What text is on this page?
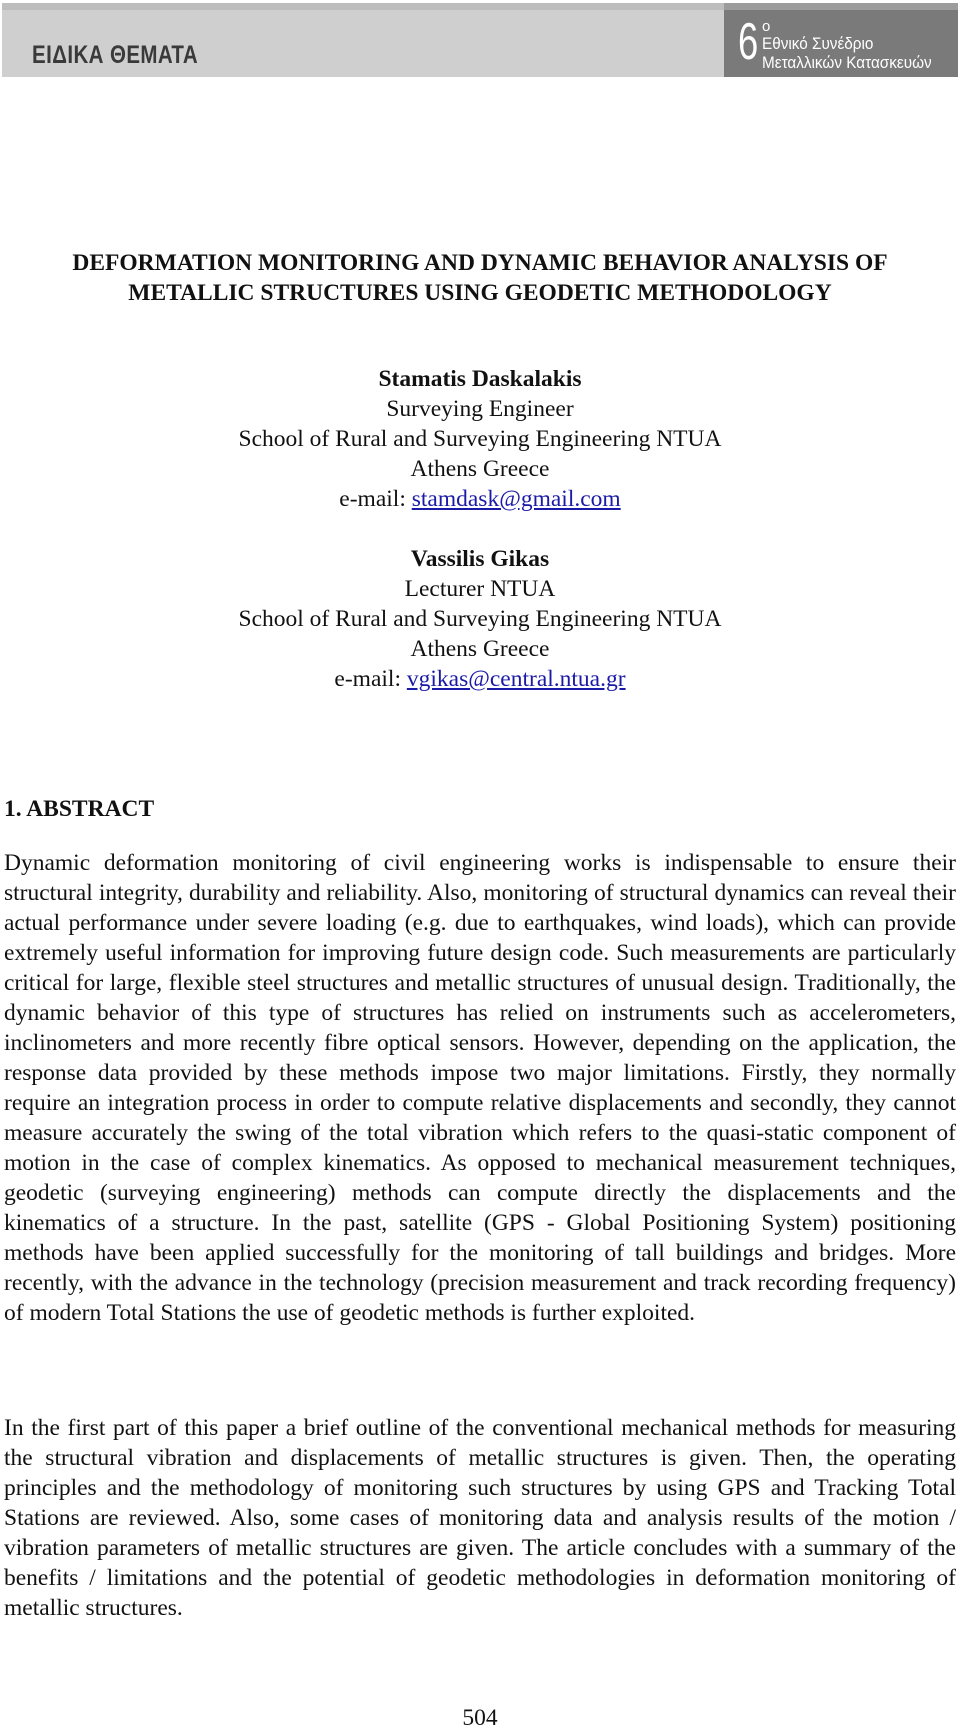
ΕΙΔΙΚΑ ΘΕΜΑΤΑ	6 ο
Εθνικό Συνέδριο
Μεταλλικών Κατασκευών
DEFORMATION MONITORING AND DYNAMIC BEHAVIOR ANALYSIS OF
METALLIC STRUCTURES USING GEODETIC METHODOLOGY
Stamatis Daskalakis
Surveying Engineer
School of Rural and Surveying Engineering NTUA
Athens Greece
e-mail: stamdask@gmail.com
Vassilis Gikas
Lecturer NTUA
School of Rural and Surveying Engineering NTUA
Athens Greece
e-mail: vgikas@central.ntua.gr
1. ABSTRACT

Dynamic deformation monitoring of civil engineering works is indispensable to ensure their structural integrity, durability and reliability. Also, monitoring of structural dynamics can reveal their actual performance under severe loading (e.g. due to earthquakes, wind loads), which can provide extremely useful information for improving future design code. Such measurements are particularly critical for large, flexible steel structures and metallic structures of unusual design. Traditionally, the dynamic behavior of this type of structures has relied on instruments such as accelerometers, inclinometers and more recently fibre optical sensors. However, depending on the application, the response data provided by these methods impose two major limitations. Firstly, they normally require an integration process in order to compute relative displacements and secondly, they cannot measure accurately the swing of the total vibration which refers to the quasi-static component of motion in the case of complex kinematics. As opposed to mechanical measurement techniques, geodetic (surveying engineering) methods can compute directly the displacements and the kinematics of a structure. In the past, satellite (GPS - Global Positioning System) positioning methods have been applied successfully for the monitoring of tall buildings and bridges. More recently, with the advance in the technology (precision measurement and track recording frequency) of modern Total Stations the use of geodetic methods is further exploited.

In the first part of this paper a brief outline of the conventional mechanical methods for measuring the structural vibration and displacements of metallic structures is given. Then, the operating principles and the methodology of monitoring such structures by using GPS and Tracking Total Stations are reviewed. Also, some cases of monitoring data and analysis results of the motion / vibration parameters of metallic structures are given. The article concludes with a summary of the benefits / limitations and the potential of geodetic methodologies in deformation monitoring of metallic structures.

504
